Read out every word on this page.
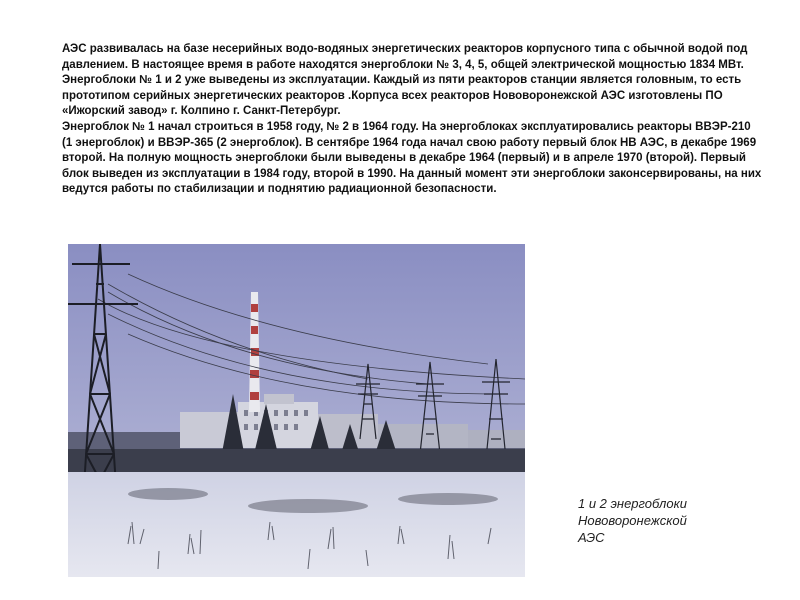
АЭС развивалась на базе несерийных водо-водяных энергетических реакторов корпусного типа с обычной водой под давлением. В настоящее время в работе находятся энергоблоки № 3, 4, 5, общей электрической мощностью 1834 МВт. Энергоблоки № 1 и 2 уже выведены из эксплуатации. Каждый из пяти реакторов станции является головным, то есть прототипом серийных энергетических реакторов .Корпуса всех реакторов Нововоронежской АЭС изготовлены ПО «Ижорский завод» г. Колпино г. Санкт-Петербург.

Энергоблок № 1 начал строиться в 1958 году, № 2 в 1964 году. На энергоблоках эксплуатировались реакторы ВВЭР-210 (1 энергоблок) и ВВЭР-365 (2 энергоблок). В сентябре 1964 года начал свою работу первый блок НВ АЭС, в декабре 1969 второй. На полную мощность энергоблоки были выведены в декабре 1964 (первый) и в апреле 1970 (второй). Первый блок выведен из эксплуатации в 1984 году, второй в 1990. На данный момент эти энергоблоки законсервированы, на них ведутся работы по стабилизации и поднятию радиационной безопасности.

1 и 2 энергоблоки
Нововоронежской
АЭС
